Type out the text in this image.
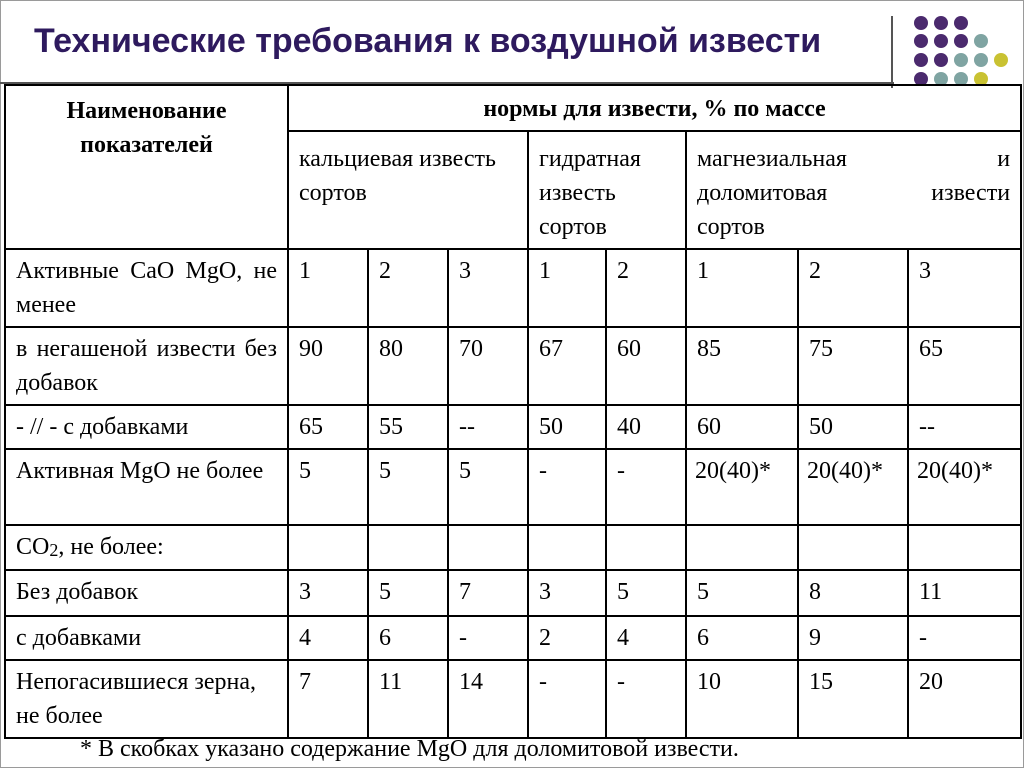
Технические требования к воздушной извести
Наименование показателей	нормы для извести, % по массе							
	кальциевая известь сортов			гидратная известь сортов		магнезиальная и
доломитовая извести
сортов		

Активные CaO MgO, не менее	1	2	3	1	2	1	2	3
в негашеной извести без добавок	90	80	70	67	60	85	75	65
- // - с добавками	65	55	--	50	40	60	50	--
Активная MgO не более	5	5	5	-	-	20(40)*	20(40)*	20(40)*
$CO_2$, не более:								
Без добавок	3	5	7	3	5	5	8	11
с добавками	4	6	-	2	4	6	9	-
Непогасившиеся зерна, не более	7	11	14	-	-	10	15	20
* В скобках указано содержание MgO для доломитовой извести.
